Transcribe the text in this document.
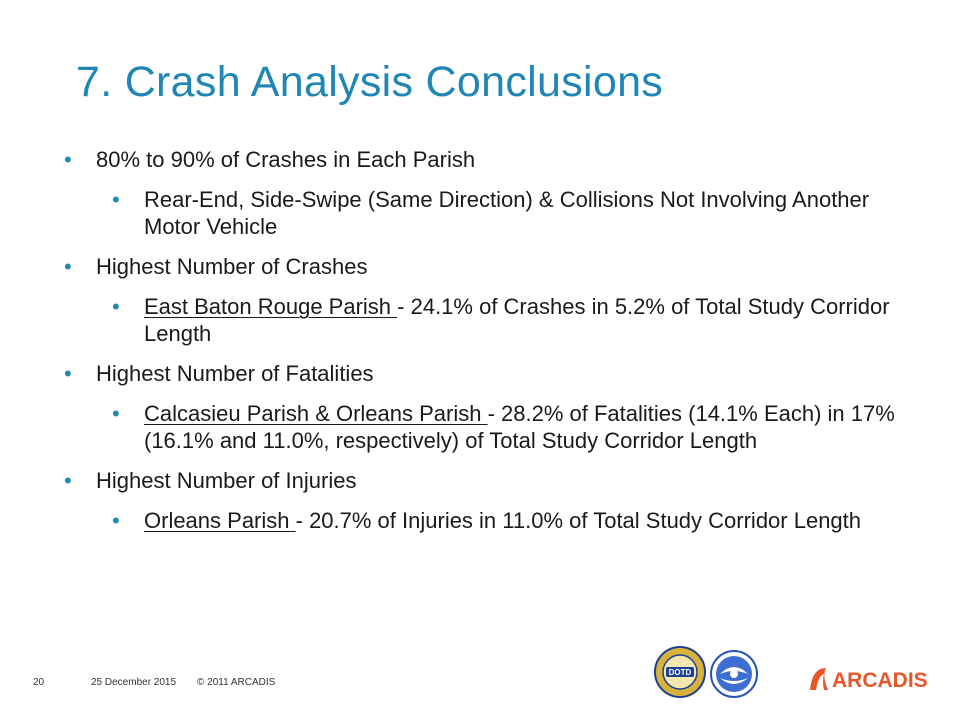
7. Crash Analysis Conclusions
• 80% to 90% of Crashes in Each Parish
• Rear-End, Side-Swipe (Same Direction) & Collisions Not Involving Another Motor Vehicle
• Highest Number of Crashes
• East Baton Rouge Parish - 24.1% of Crashes in 5.2% of Total Study Corridor Length
• Highest Number of Fatalities
• Calcasieu Parish & Orleans Parish - 28.2% of Fatalities (14.1% Each) in 17% (16.1% and 11.0%, respectively) of Total Study Corridor Length
• Highest Number of Injuries
• Orleans Parish - 20.7% of Injuries in 11.0% of Total Study Corridor Length
20	25 December 2015 © 2011 ARCADIS
DOTD	ARCADIS
